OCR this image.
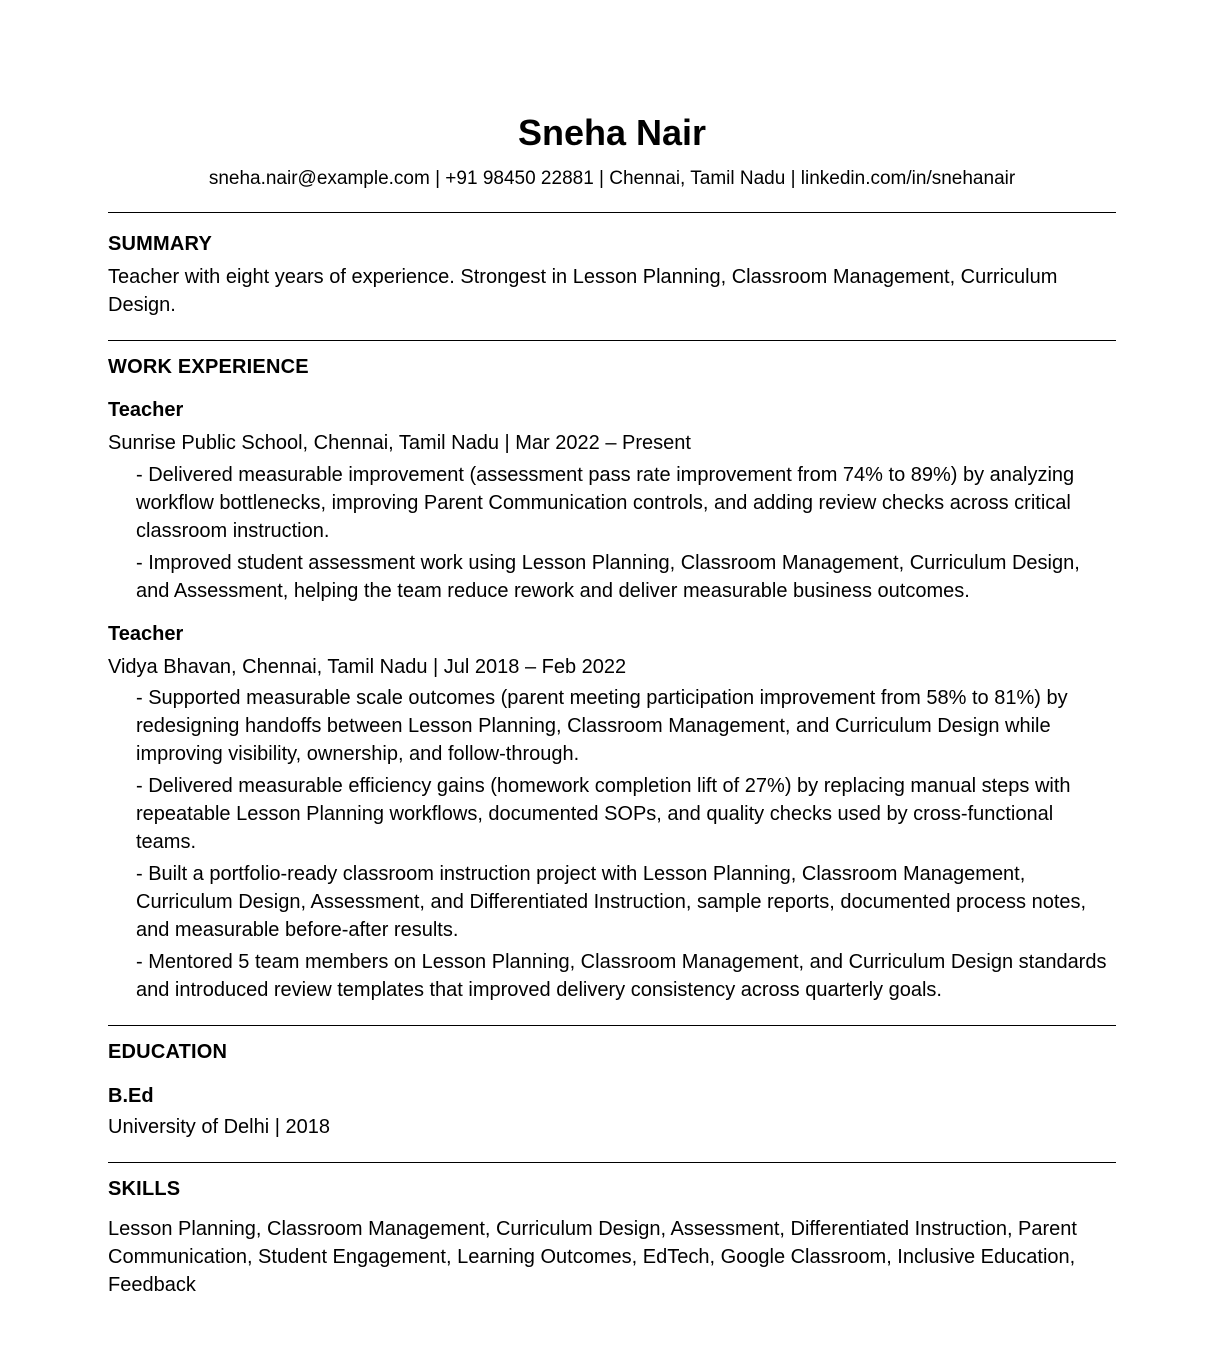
Sneha Nair
sneha.nair@example.com | +91 98450 22881 | Chennai, Tamil Nadu | linkedin.com/in/snehanair
SUMMARY
Teacher with eight years of experience. Strongest in Lesson Planning, Classroom Management, Curriculum Design.
WORK EXPERIENCE
Teacher
Sunrise Public School, Chennai, Tamil Nadu | Mar 2022 – Present
- Delivered measurable improvement (assessment pass rate improvement from 74% to 89%) by analyzing workflow bottlenecks, improving Parent Communication controls, and adding review checks across critical classroom instruction.
- Improved student assessment work using Lesson Planning, Classroom Management, Curriculum Design, and Assessment, helping the team reduce rework and deliver measurable business outcomes.
Teacher
Vidya Bhavan, Chennai, Tamil Nadu | Jul 2018 – Feb 2022
- Supported measurable scale outcomes (parent meeting participation improvement from 58% to 81%) by redesigning handoffs between Lesson Planning, Classroom Management, and Curriculum Design while improving visibility, ownership, and follow-through.
- Delivered measurable efficiency gains (homework completion lift of 27%) by replacing manual steps with repeatable Lesson Planning workflows, documented SOPs, and quality checks used by cross-functional teams.
- Built a portfolio-ready classroom instruction project with Lesson Planning, Classroom Management, Curriculum Design, Assessment, and Differentiated Instruction, sample reports, documented process notes, and measurable before-after results.
- Mentored 5 team members on Lesson Planning, Classroom Management, and Curriculum Design standards and introduced review templates that improved delivery consistency across quarterly goals.
EDUCATION
B.Ed
University of Delhi | 2018
SKILLS
Lesson Planning, Classroom Management, Curriculum Design, Assessment, Differentiated Instruction, Parent Communication, Student Engagement, Learning Outcomes, EdTech, Google Classroom, Inclusive Education, Feedback
